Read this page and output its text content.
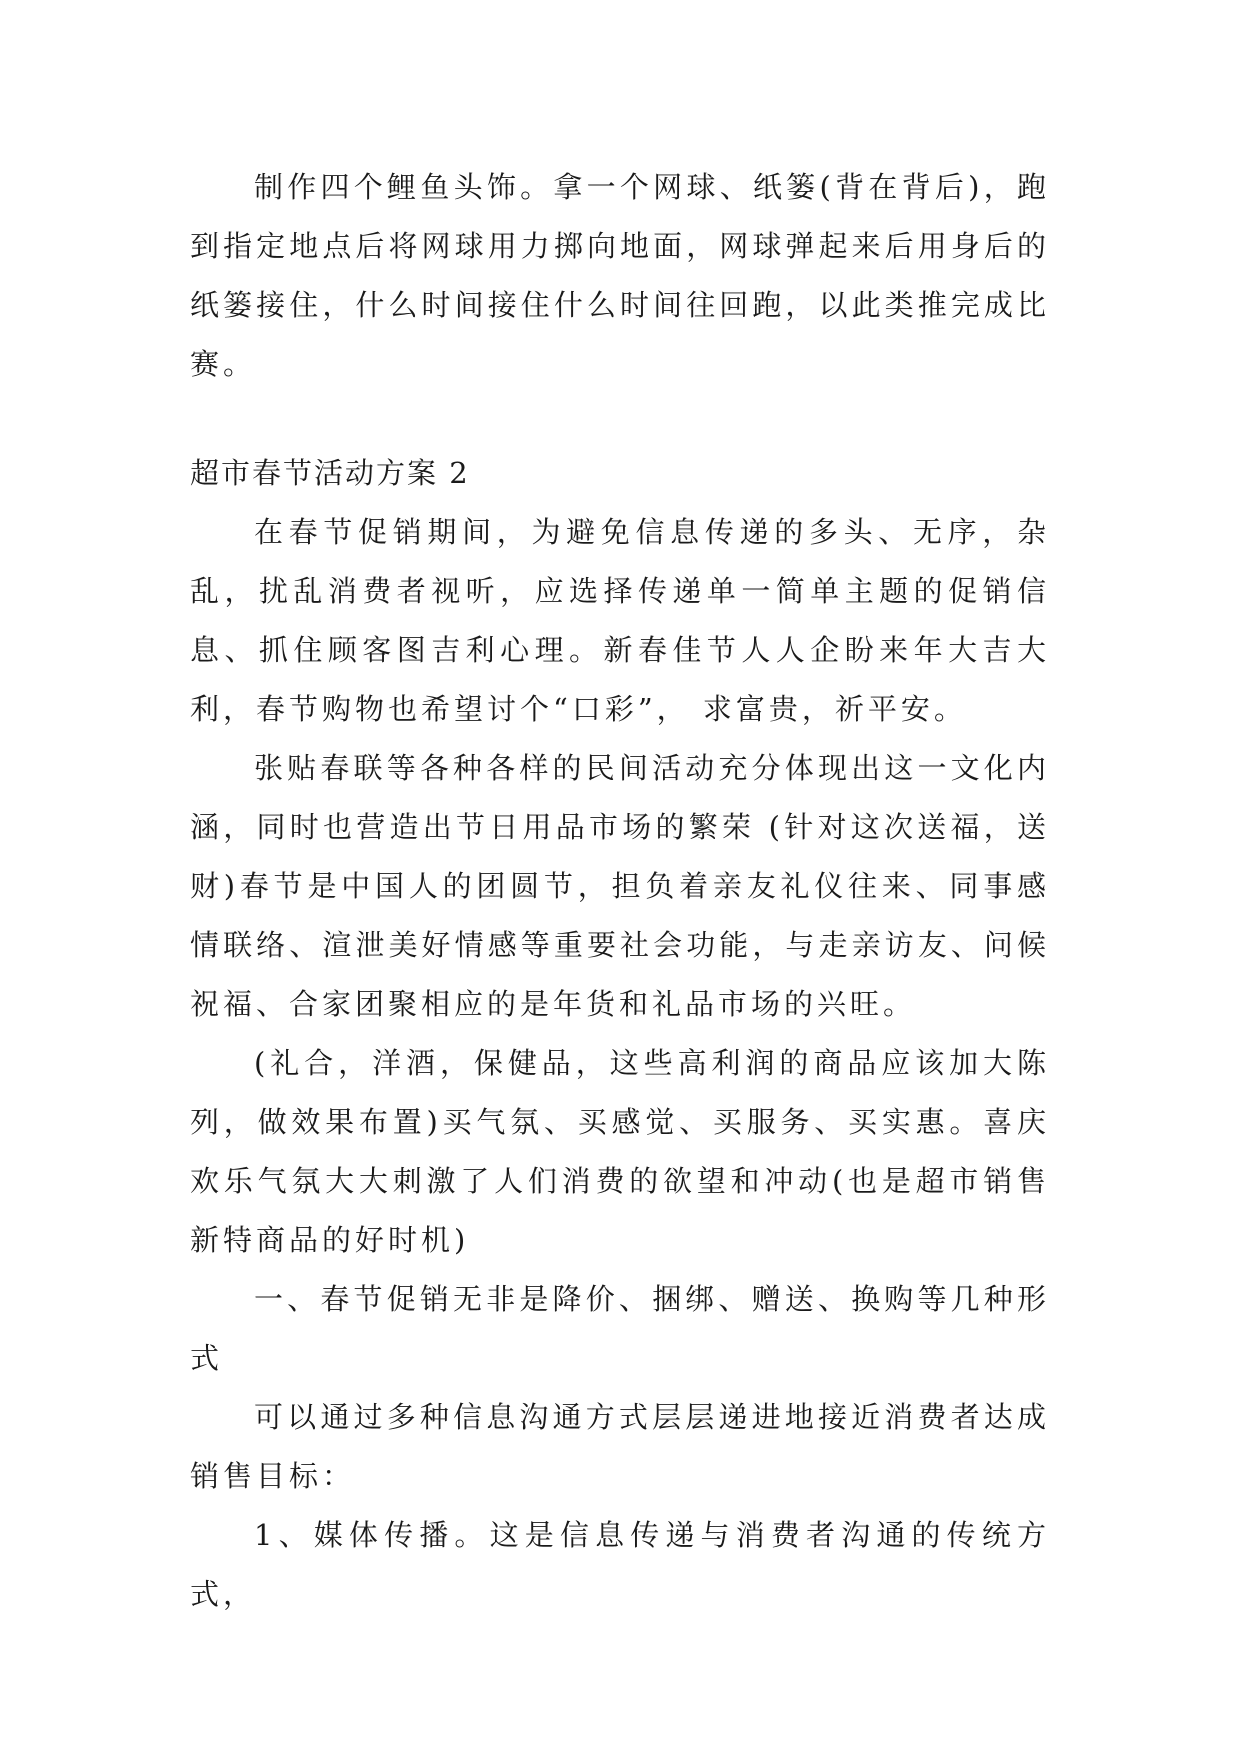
制作四个鲤鱼头饰。拿一个网球、纸篓(背在背后)，跑到指定地点后将网球用力掷向地面，网球弹起来后用身后的纸篓接住，什么时间接住什么时间往回跑，以此类推完成比赛。

超市春节活动方案 2

在春节促销期间，为避免信息传递的多头、无序，杂乱，扰乱消费者视听，应选择传递单一简单主题的促销信息、抓住顾客图吉利心理。新春佳节人人企盼来年大吉大利，春节购物也希望讨个“口彩”， 求富贵，祈平安。

张贴春联等各种各样的民间活动充分体现出这一文化内涵，同时也营造出节日用品市场的繁荣 (针对这次送福，送财)春节是中国人的团圆节，担负着亲友礼仪往来、同事感情联络、渲泄美好情感等重要社会功能，与走亲访友、问候祝福、合家团聚相应的是年货和礼品市场的兴旺。

(礼合，洋酒，保健品，这些高利润的商品应该加大陈列，做效果布置)买气氛、买感觉、买服务、买实惠。喜庆欢乐气氛大大刺激了人们消费的欲望和冲动(也是超市销售新特商品的好时机)

一、春节促销无非是降价、捆绑、赠送、换购等几种形式

可以通过多种信息沟通方式层层递进地接近消费者达成销售目标：

1、媒体传播。这是信息传递与消费者沟通的传统方式，
